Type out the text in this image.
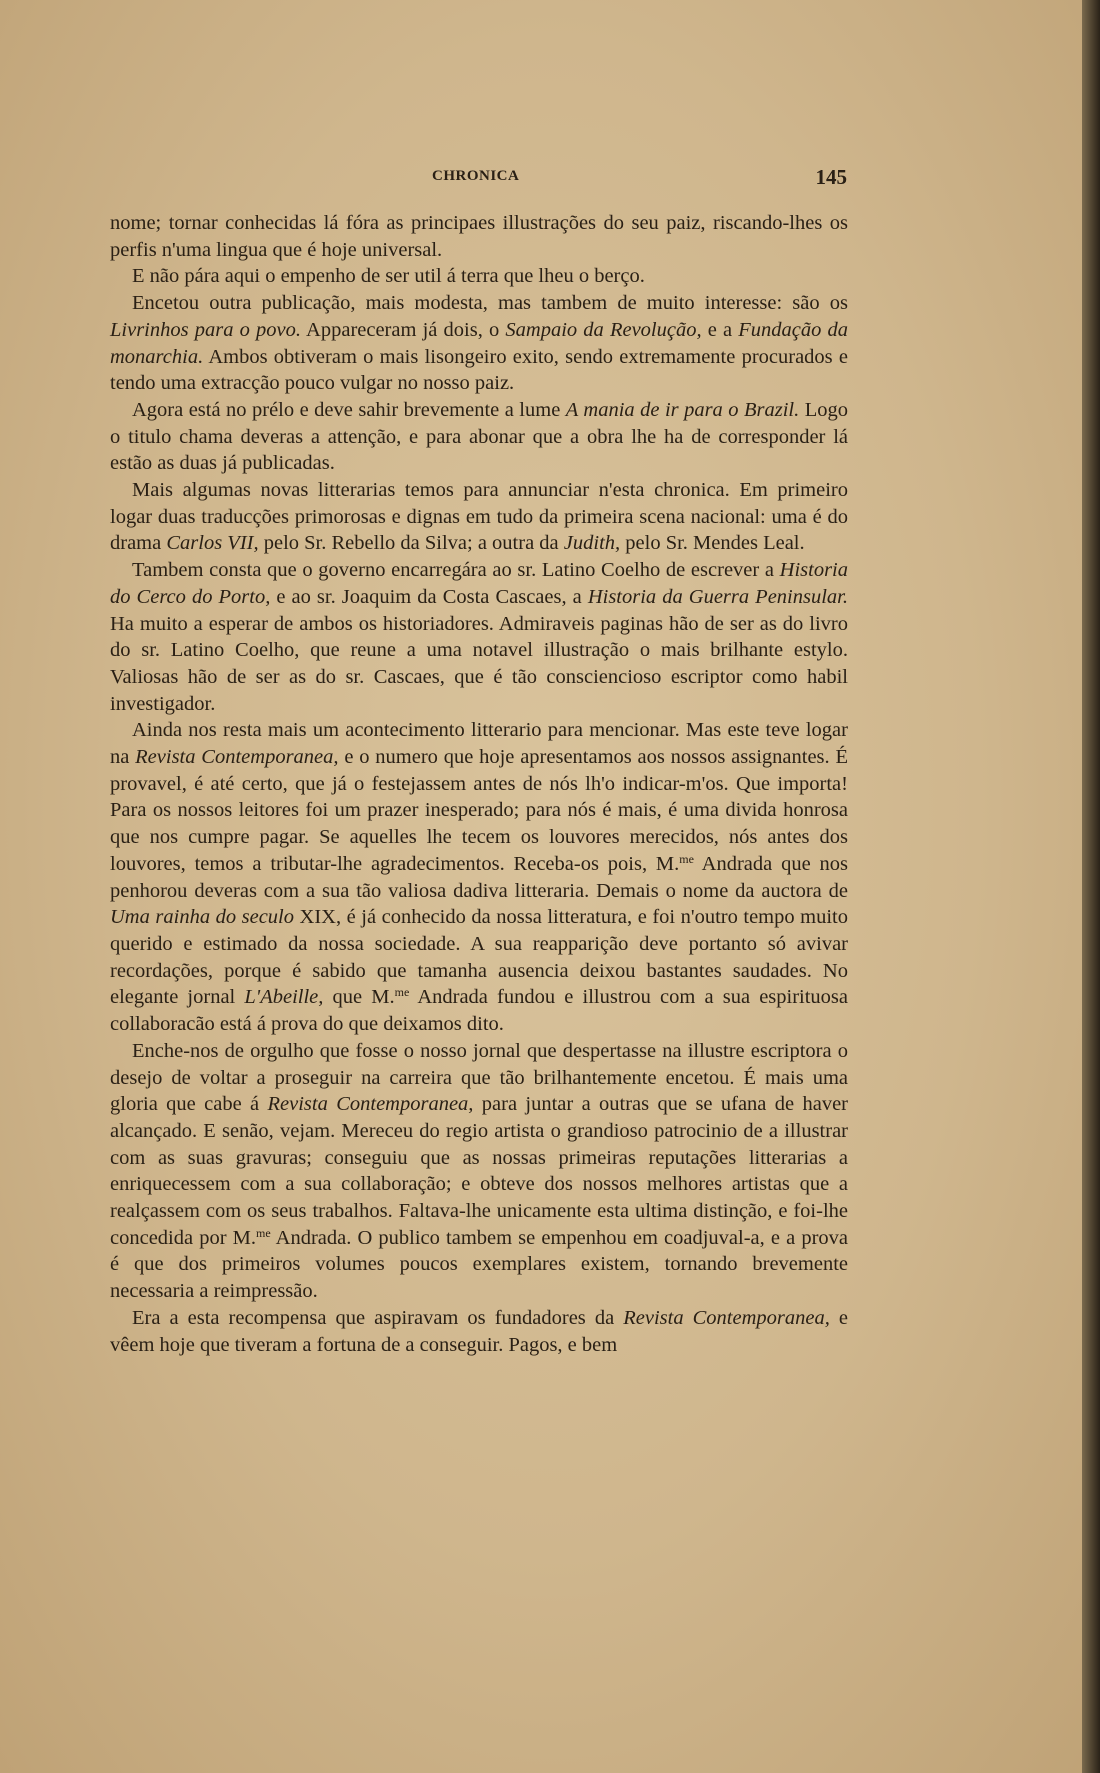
CHRONICA	145

nome; tornar conhecidas lá fóra as principaes illustrações do seu paiz, riscando-lhes os perfis n'uma lingua que é hoje universal.

E não pára aqui o empenho de ser util á terra que lheu o berço.

Encetou outra publicação, mais modesta, mas tambem de muito interesse: são os Livrinhos para o povo. Appareceram já dois, o Sampaio da Revolução, e a Fundação da monarchia. Ambos obtiveram o mais lisongeiro exito, sendo extremamente procurados e tendo uma extracção pouco vulgar no nosso paiz.

Agora está no prélo e deve sahir brevemente a lume A mania de ir para o Brazil. Logo o titulo chama deveras a attenção, e para abonar que a obra lhe ha de corresponder lá estão as duas já publicadas.

Mais algumas novas litterarias temos para annunciar n'esta chronica. Em primeiro logar duas traducções primorosas e dignas em tudo da primeira scena nacional: uma é do drama Carlos VII, pelo Sr. Rebello da Silva; a outra da Judith, pelo Sr. Mendes Leal.

Tambem consta que o governo encarregára ao sr. Latino Coelho de escrever a Historia do Cerco do Porto, e ao sr. Joaquim da Costa Cascaes, a Historia da Guerra Peninsular. Ha muito a esperar de ambos os historiadores. Admiraveis paginas hão de ser as do livro do sr. Latino Coelho, que reune a uma notavel illustração o mais brilhante estylo. Valiosas hão de ser as do sr. Cascaes, que é tão consciencioso escriptor como habil investigador.

Ainda nos resta mais um acontecimento litterario para mencionar. Mas este teve logar na Revista Contemporanea, e o numero que hoje apresentamos aos nossos assignantes. É provavel, é até certo, que já o festejassem antes de nós lh'o indicar-m'os. Que importa! Para os nossos leitores foi um prazer inesperado; para nós é mais, é uma divida honrosa que nos cumpre pagar. Se aquelles lhe tecem os louvores merecidos, nós antes dos louvores, temos a tributar-lhe agradecimentos. Receba-os pois, M.$^{me}$ Andrada que nos penhorou deveras com a sua tão valiosa dadiva litteraria. Demais o nome da auctora de Uma rainha do seculo XIX, é já conhecido da nossa litteratura, e foi n'outro tempo muito querido e estimado da nossa sociedade. A sua reapparição deve portanto só avivar recordações, porque é sabido que tamanha ausencia deixou bastantes saudades. No elegante jornal L'Abeille, que M.$^{me}$ Andrada fundou e illustrou com a sua espirituosa collaboracão está á prova do que deixamos dito.

Enche-nos de orgulho que fosse o nosso jornal que despertasse na illustre escriptora o desejo de voltar a proseguir na carreira que tão brilhantemente encetou. É mais uma gloria que cabe á Revista Contemporanea, para juntar a outras que se ufana de haver alcançado. E senão, vejam. Mereceu do regio artista o grandioso patrocinio de a illustrar com as suas gravuras; conseguiu que as nossas primeiras reputações litterarias a enriquecessem com a sua collaboração; e obteve dos nossos melhores artistas que a realçassem com os seus trabalhos. Faltava-lhe unicamente esta ultima distinção, e foi-lhe concedida por M.$^{me}$ Andrada. O publico tambem se empenhou em coadjuval-a, e a prova é que dos primeiros volumes poucos exemplares existem, tornando brevemente necessaria a reimpressão.

Era a esta recompensa que aspiravam os fundadores da Revista Contemporanea, e vêem hoje que tiveram a fortuna de a conseguir. Pagos, e bem
